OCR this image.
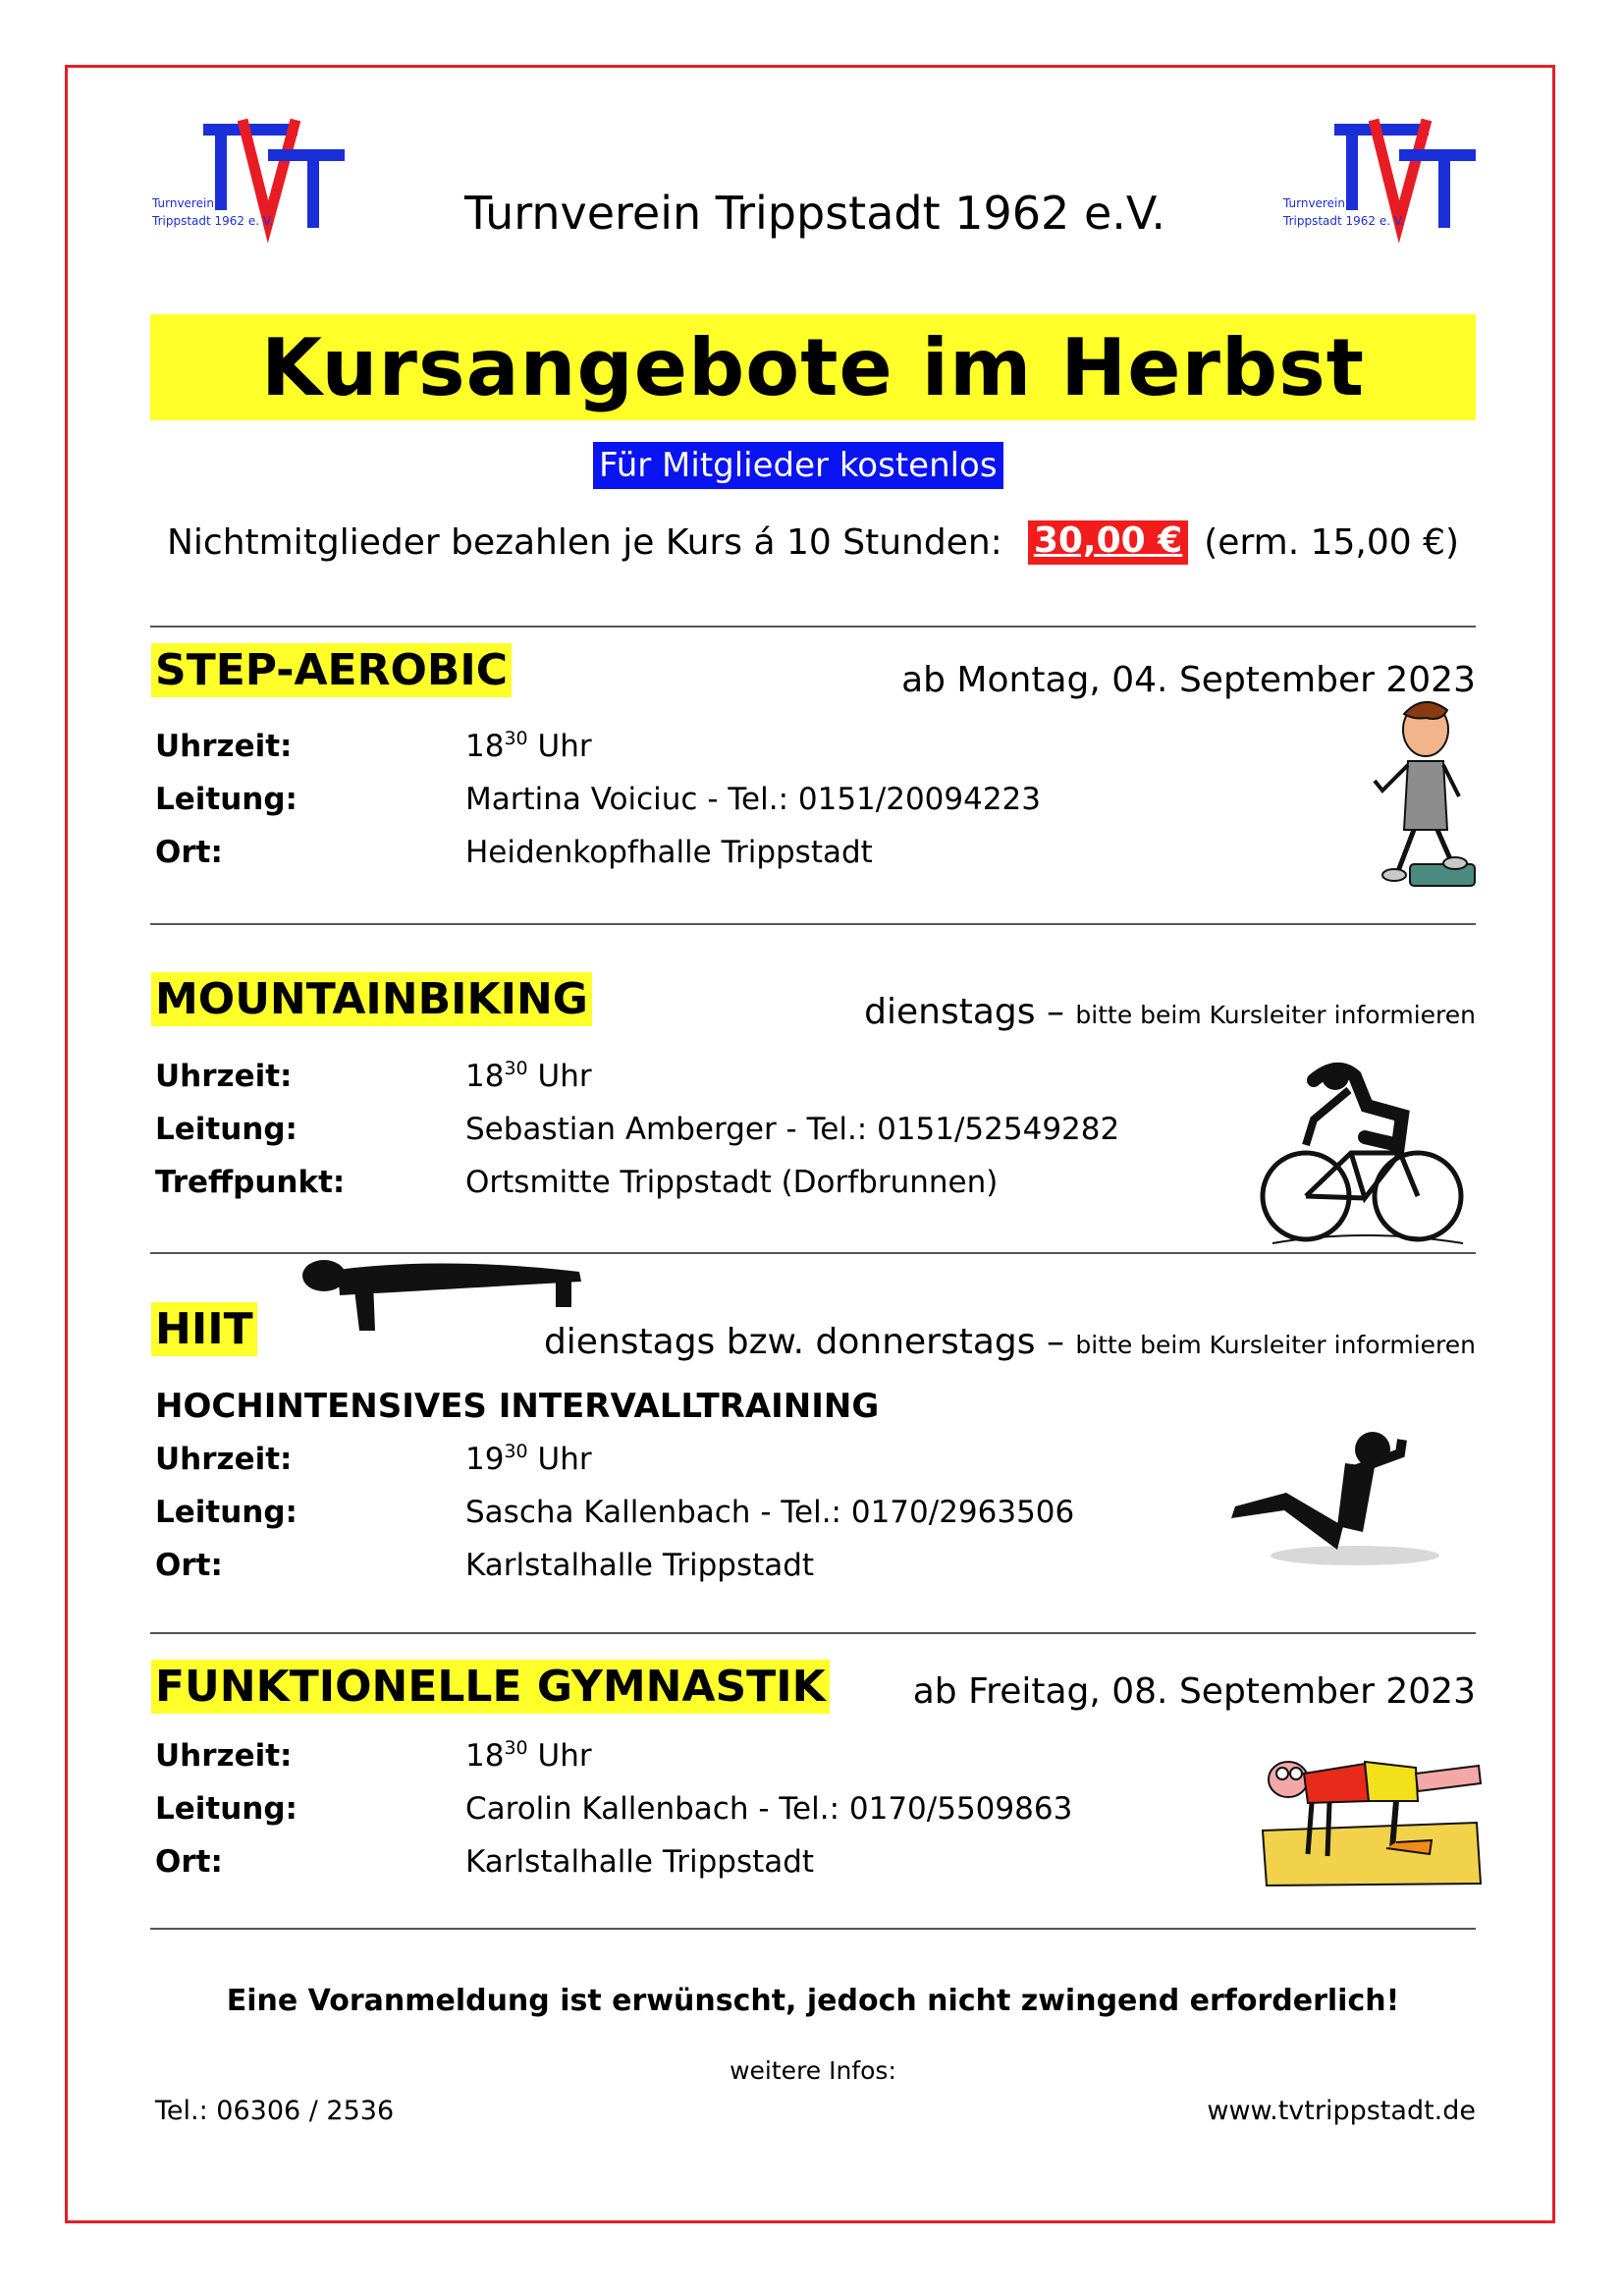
Turnverein
Trippstadt 1962 e. V.
Turnverein
Trippstadt 1962 e. V.
Turnverein Trippstadt 1962 e.V.
Kursangebote im Herbst
Für Mitglieder kostenlos
Nichtmitglieder bezahlen je Kurs á 10 Stunden: 30,00 € (erm. 15,00 €)
STEP-AEROBIC	ab Montag, 04. September 2023
Uhrzeit:	$18^{30}$ Uhr
Leitung:	Martina Voiciuc - Tel.: 0151/20094223
Ort:	Heidenkopfhalle Trippstadt
MOUNTAINBIKING	dienstags – bitte beim Kursleiter informieren
Uhrzeit:	$18^{30}$ Uhr
Leitung:	Sebastian Amberger - Tel.: 0151/52549282
Treffpunkt:	Ortsmitte Trippstadt (Dorfbrunnen)
HIIT	dienstags bzw. donnerstags – bitte beim Kursleiter informieren
HOCHINTENSIVES INTERVALLTRAINING
Uhrzeit:	$19^{30}$ Uhr
Leitung:	Sascha Kallenbach - Tel.: 0170/2963506
Ort:	Karlstalhalle Trippstadt
FUNKTIONELLE GYMNASTIK ab Freitag, 08. September 2023
Uhrzeit:	$18^{30}$ Uhr
Leitung:	Carolin Kallenbach - Tel.: 0170/5509863
Ort:	Karlstalhalle Trippstadt
Eine Voranmeldung ist erwünscht, jedoch nicht zwingend erforderlich!
weitere Infos:
Tel.: 06306 / 2536	www.tvtrippstadt.de
